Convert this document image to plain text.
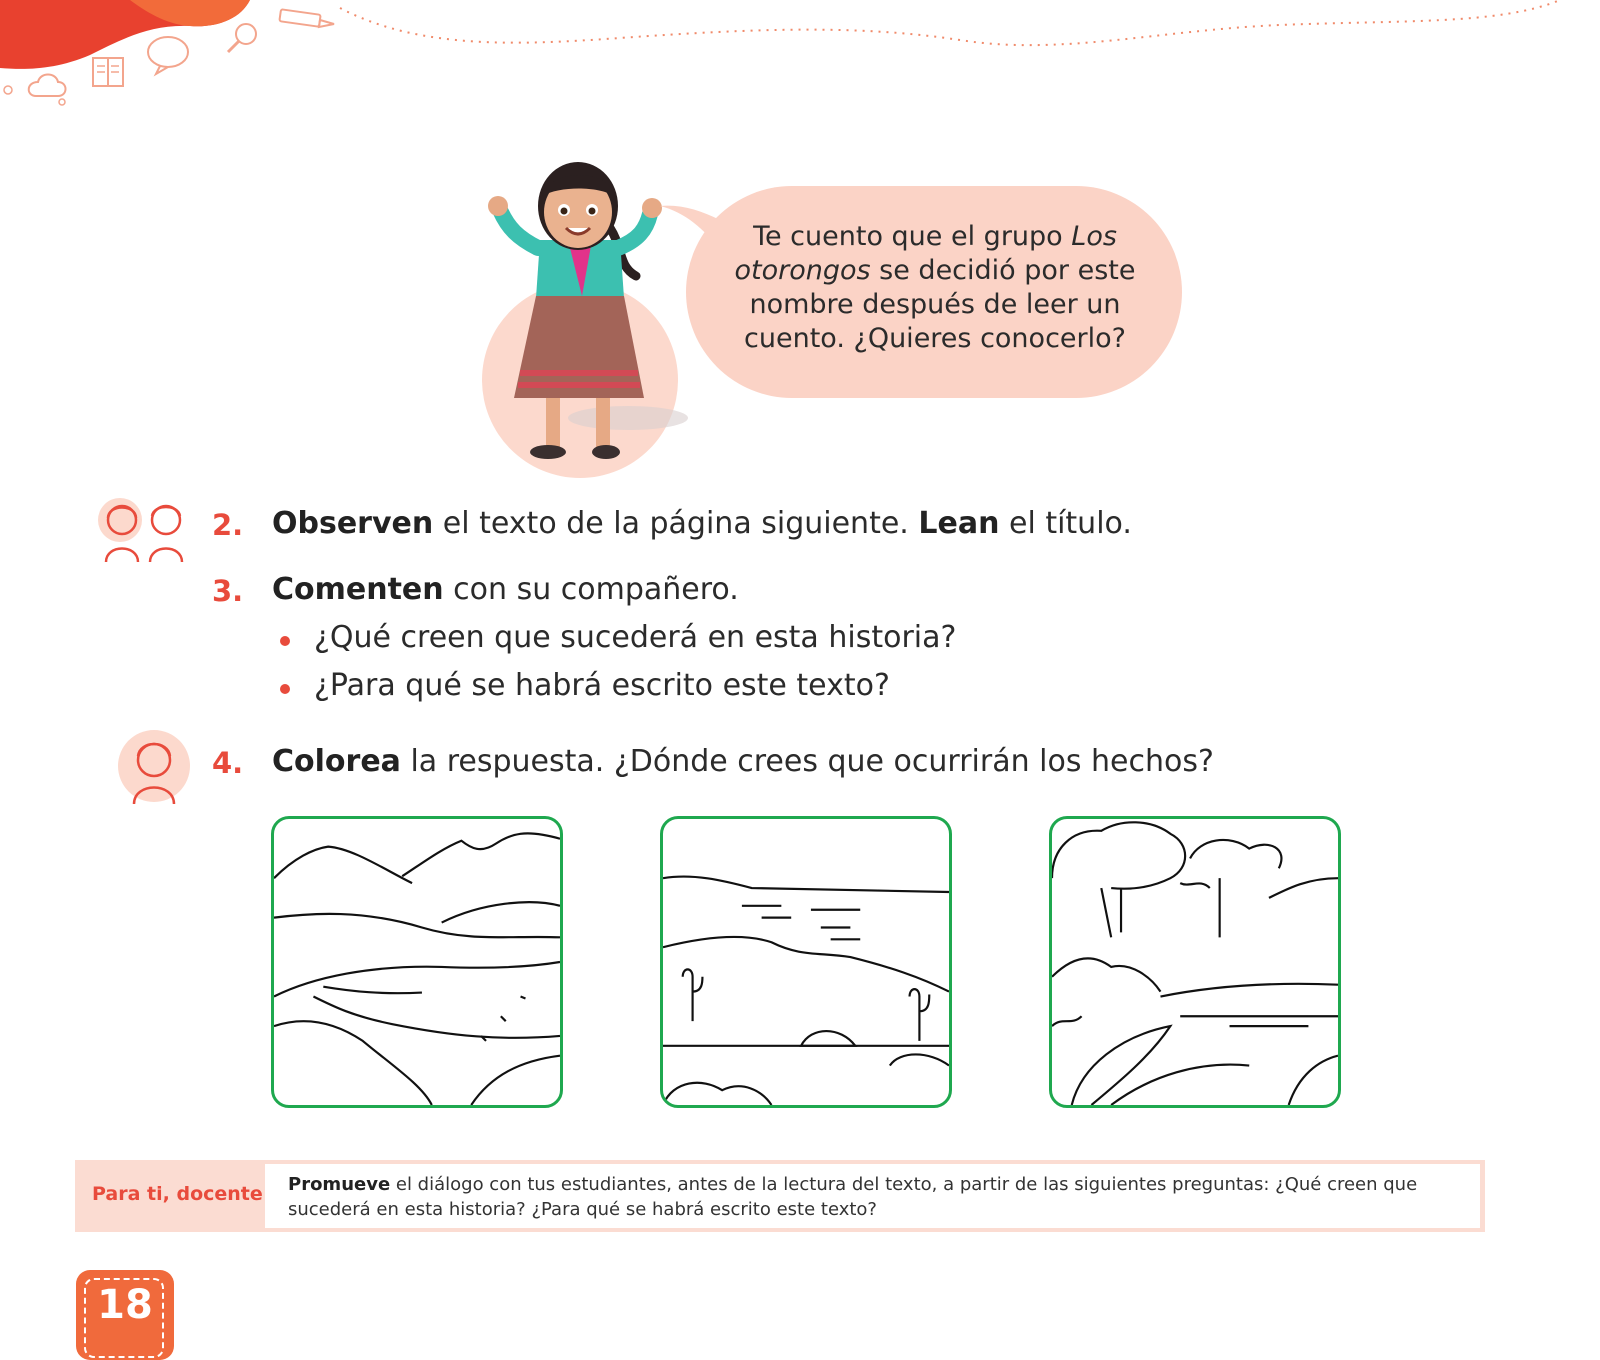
Te cuento que el grupo Los otorongos se decidió por este nombre después de leer un cuento. ¿Quieres conocerlo?
2. Observen el texto de la página siguiente. Lean el título.
3. Comenten con su compañero.
¿Qué creen que sucederá en esta historia?
¿Para qué se habrá escrito este texto?
4. Colorea la respuesta. ¿Dónde crees que ocurrirán los hechos?
Para ti, docente Promueve el diálogo con tus estudiantes, antes de la lectura del texto, a partir de las siguientes preguntas: ¿Qué creen que sucederá en esta historia? ¿Para qué se habrá escrito este texto?
18
